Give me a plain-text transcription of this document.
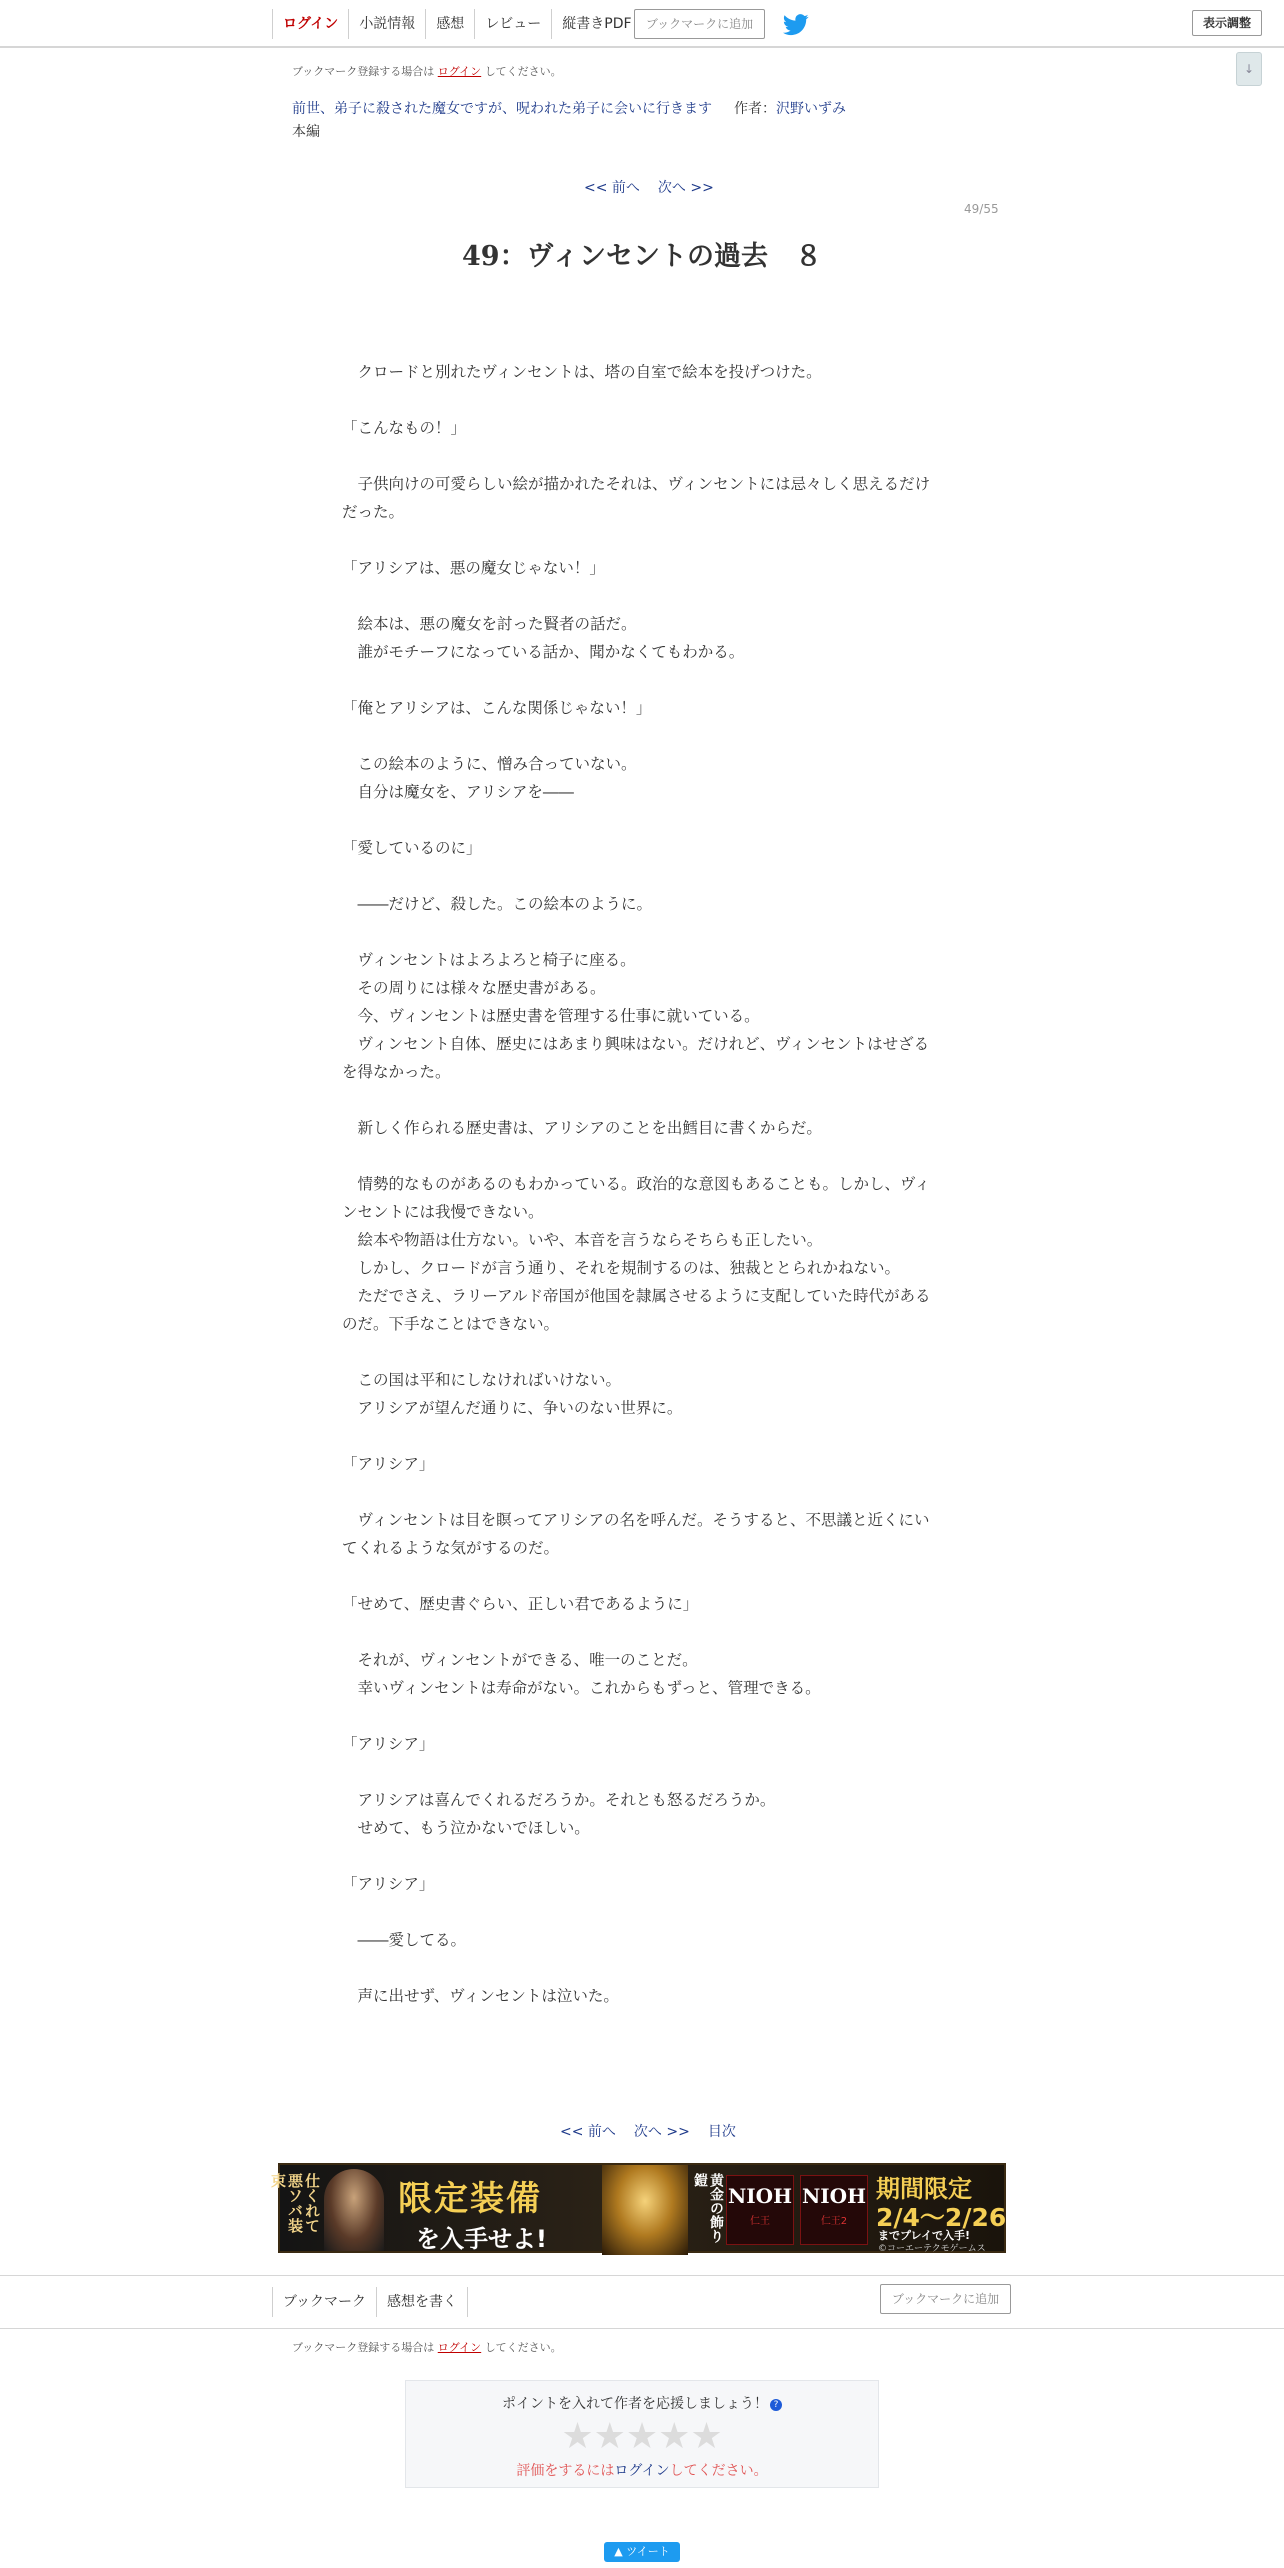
ログイン	小説情報	感想	レビュー	縦書きPDF	ブックマークに追加	表示調整
↓
ブックマーク登録する場合は ログイン してください。
前世、弟子に殺された魔女ですが、呪われた弟子に会いに行きます 作者：沢野いずみ
本編
<< 前へ 次へ >>
49/55
49：ヴィンセントの過去　８

　クロードと別れたヴィンセントは、塔の自室で絵本を投げつけた。

「こんなもの！」

　子供向けの可愛らしい絵が描かれたそれは、ヴィンセントには忌々しく思えるだけだった。

「アリシアは、悪の魔女じゃない！」

　絵本は、悪の魔女を討った賢者の話だ。

　誰がモチーフになっている話か、聞かなくてもわかる。

「俺とアリシアは、こんな関係じゃない！」

　この絵本のように、憎み合っていない。

　自分は魔女を、アリシアを――

「愛しているのに」

　――だけど、殺した。この絵本のように。

　ヴィンセントはよろよろと椅子に座る。

　その周りには様々な歴史書がある。

　今、ヴィンセントは歴史書を管理する仕事に就いている。

　ヴィンセント自体、歴史にはあまり興味はない。だけれど、ヴィンセントはせざるを得なかった。

　新しく作られる歴史書は、アリシアのことを出鱈目に書くからだ。

　情勢的なものがあるのもわかっている。政治的な意図もあることも。しかし、ヴィンセントには我慢できない。

　絵本や物語は仕方ない。いや、本音を言うならそちらも正したい。

　しかし、クロードが言う通り、それを規制するのは、独裁ととられかねない。

　ただでさえ、ラリーアルド帝国が他国を隷属させるように支配していた時代があるのだ。下手なことはできない。

　この国は平和にしなければいけない。

　アリシアが望んだ通りに、争いのない世界に。

「アリシア」

　ヴィンセントは目を瞑ってアリシアの名を呼んだ。そうすると、不思議と近くにいてくれるような気がするのだ。

「せめて、歴史書ぐらい、正しい君であるように」

　それが、ヴィンセントができる、唯一のことだ。

　幸いヴィンセントは寿命がない。これからもずっと、管理できる。

「アリシア」

　アリシアは喜んでくれるだろうか。それとも怒るだろうか。

　せめて、もう泣かないでほしい。

「アリシア」

　――愛してる。

　声に出せず、ヴィンセントは泣いた。

<< 前へ 次へ >> 目次
仕くれて悪ソバ装束	限定装備
を入手せよ!	黄金の飾り鎧
NIOH
仁王
NIOH
仁王2
期間限定
2/4～2/26
までプレイで入手!
©コーエーテクモゲームス
ブックマーク	感想を書く	ブックマークに追加
ブックマーク登録する場合は ログイン してください。
ポイントを入れて作者を応援しましょう！ ?
★★★★★
評価をするにはログインしてください。
▲ ツイート
